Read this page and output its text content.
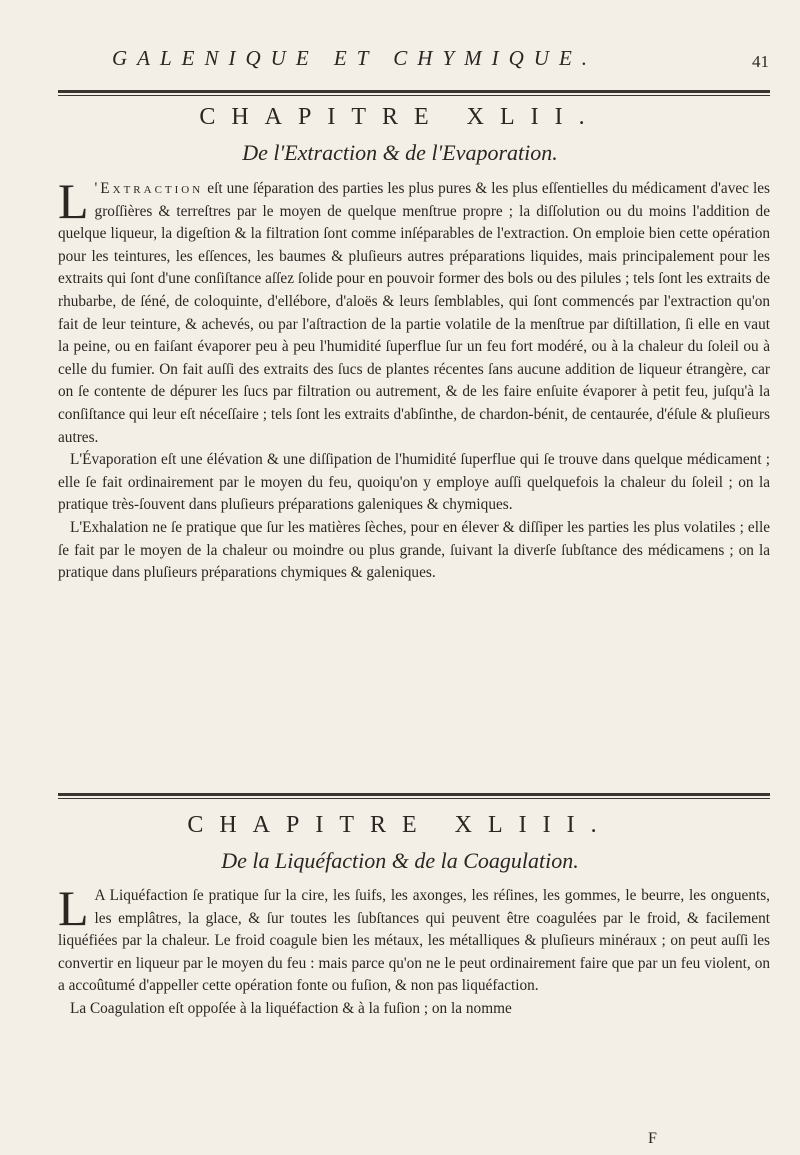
GALENIQUE ET CHYMIQUE.	41
CHAPITRE XLII.
De l'Extraction & de l'Evaporation.

L 'Extraction eſt une ſéparation des parties les plus pures & les plus eſſentielles du médicament d'avec les groſſières & terreſtres par le moyen de quelque menſtrue propre ; la diſſolution ou du moins l'addition de quelque liqueur, la digeſtion & la filtration ſont comme inſéparables de l'extraction. On emploie bien cette opération pour les teintures, les eſſences, les baumes & pluſieurs autres préparations liquides, mais principalement pour les extraits qui ſont d'une conſiſtance aſſez ſolide pour en pouvoir former des bols ou des pilules ; tels ſont les extraits de rhubarbe, de ſéné, de coloquinte, d'ellébore, d'aloës & leurs ſemblables, qui ſont commencés par l'extraction qu'on fait de leur teinture, & achevés, ou par l'aſtraction de la partie volatile de la menſtrue par diſtillation, ſi elle en vaut la peine, ou en faiſant évaporer peu à peu l'humidité ſuperflue ſur un feu fort modéré, ou à la chaleur du ſoleil ou à celle du fumier. On fait auſſi des extraits des ſucs de plantes récentes ſans aucune addition de liqueur étrangère, car on ſe contente de dépurer les ſucs par filtration ou autrement, & de les faire enſuite évaporer à petit feu, juſqu'à la conſiſtance qui leur eſt néceſſaire ; tels ſont les extraits d'abſinthe, de chardon-bénit, de centaurée, d'éſule & pluſieurs autres.

L'Évaporation eſt une élévation & une diſſipation de l'humidité ſuperflue qui ſe trouve dans quelque médicament ; elle ſe fait ordinairement par le moyen du feu, quoiqu'on y employe auſſi quelquefois la chaleur du ſoleil ; on la pratique très-ſouvent dans pluſieurs préparations galeniques & chymiques.

L'Exhalation ne ſe pratique que ſur les matières ſèches, pour en élever & diſſiper les parties les plus volatiles ; elle ſe fait par le moyen de la chaleur ou moindre ou plus grande, ſuivant la diverſe ſubſtance des médicamens ; on la pratique dans pluſieurs préparations chymiques & galeniques.

CHAPITRE XLIII.
De la Liquéfaction & de la Coagulation.

L A Liquéfaction ſe pratique ſur la cire, les ſuifs, les axonges, les réſines, les gommes, le beurre, les onguents, les emplâtres, la glace, & ſur toutes les ſubſtances qui peuvent être coagulées par le froid, & facilement liquéfiées par la chaleur. Le froid coagule bien les métaux, les métalliques & pluſieurs minéraux ; on peut auſſi les convertir en liqueur par le moyen du feu : mais parce qu'on ne le peut ordinairement faire que par un feu violent, on a accoûtumé d'appeller cette opération fonte ou fuſion, & non pas liquéfaction.

La Coagulation eſt oppoſée à la liquéfaction & à la fuſion ; on la nomme

F
